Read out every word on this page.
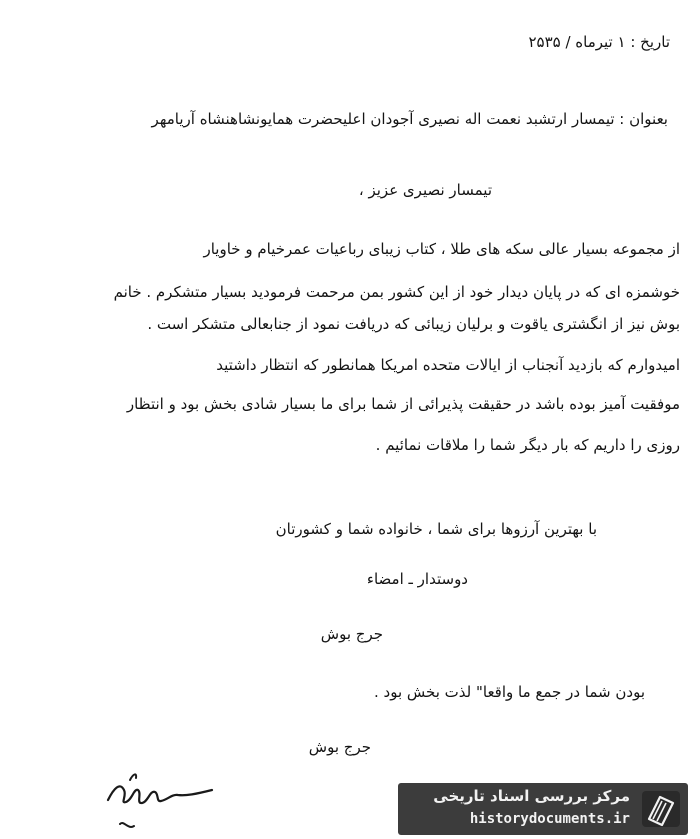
تاریخ : ۱ تیرماه / ۲۵۳۵
بعنوان : تیمسار ارتشبد نعمت اله نصیری آجودان اعلیحضرت همایونشاهنشاه آریامهر
تیمسار نصیری عزیز ،
از مجموعه بسیار عالی سکه های طلا ، کتاب زیبای رباعیات عمرخیام و خاویار
خوشمزه ای که در پایان دیدار خود از این کشور بمن مرحمت فرمودید بسیار متشکرم . خانم
بوش نیز از انگشتری یاقوت و برلیان زیبائی که دریافت نمود از جنابعالی متشکر است .
امیدوارم که بازدید آنجناب از ایالات متحده امریکا همانطور که انتظار داشتید
موفقیت آمیز بوده باشد در حقیقت پذیرائی از شما برای ما بسیار شادی بخش بود و انتظار
روزی را داریم که بار دیگر شما را ملاقات نمائیم .
با بهترین آرزوها برای شما ، خانواده شما و کشورتان
دوستدار ـ امضاء
جرج بوش
بودن شما در جمع ما واقعا" لذت بخش بود .
جرج بوش
مرکز بررسی اسناد تاریخی
historydocuments.ir
